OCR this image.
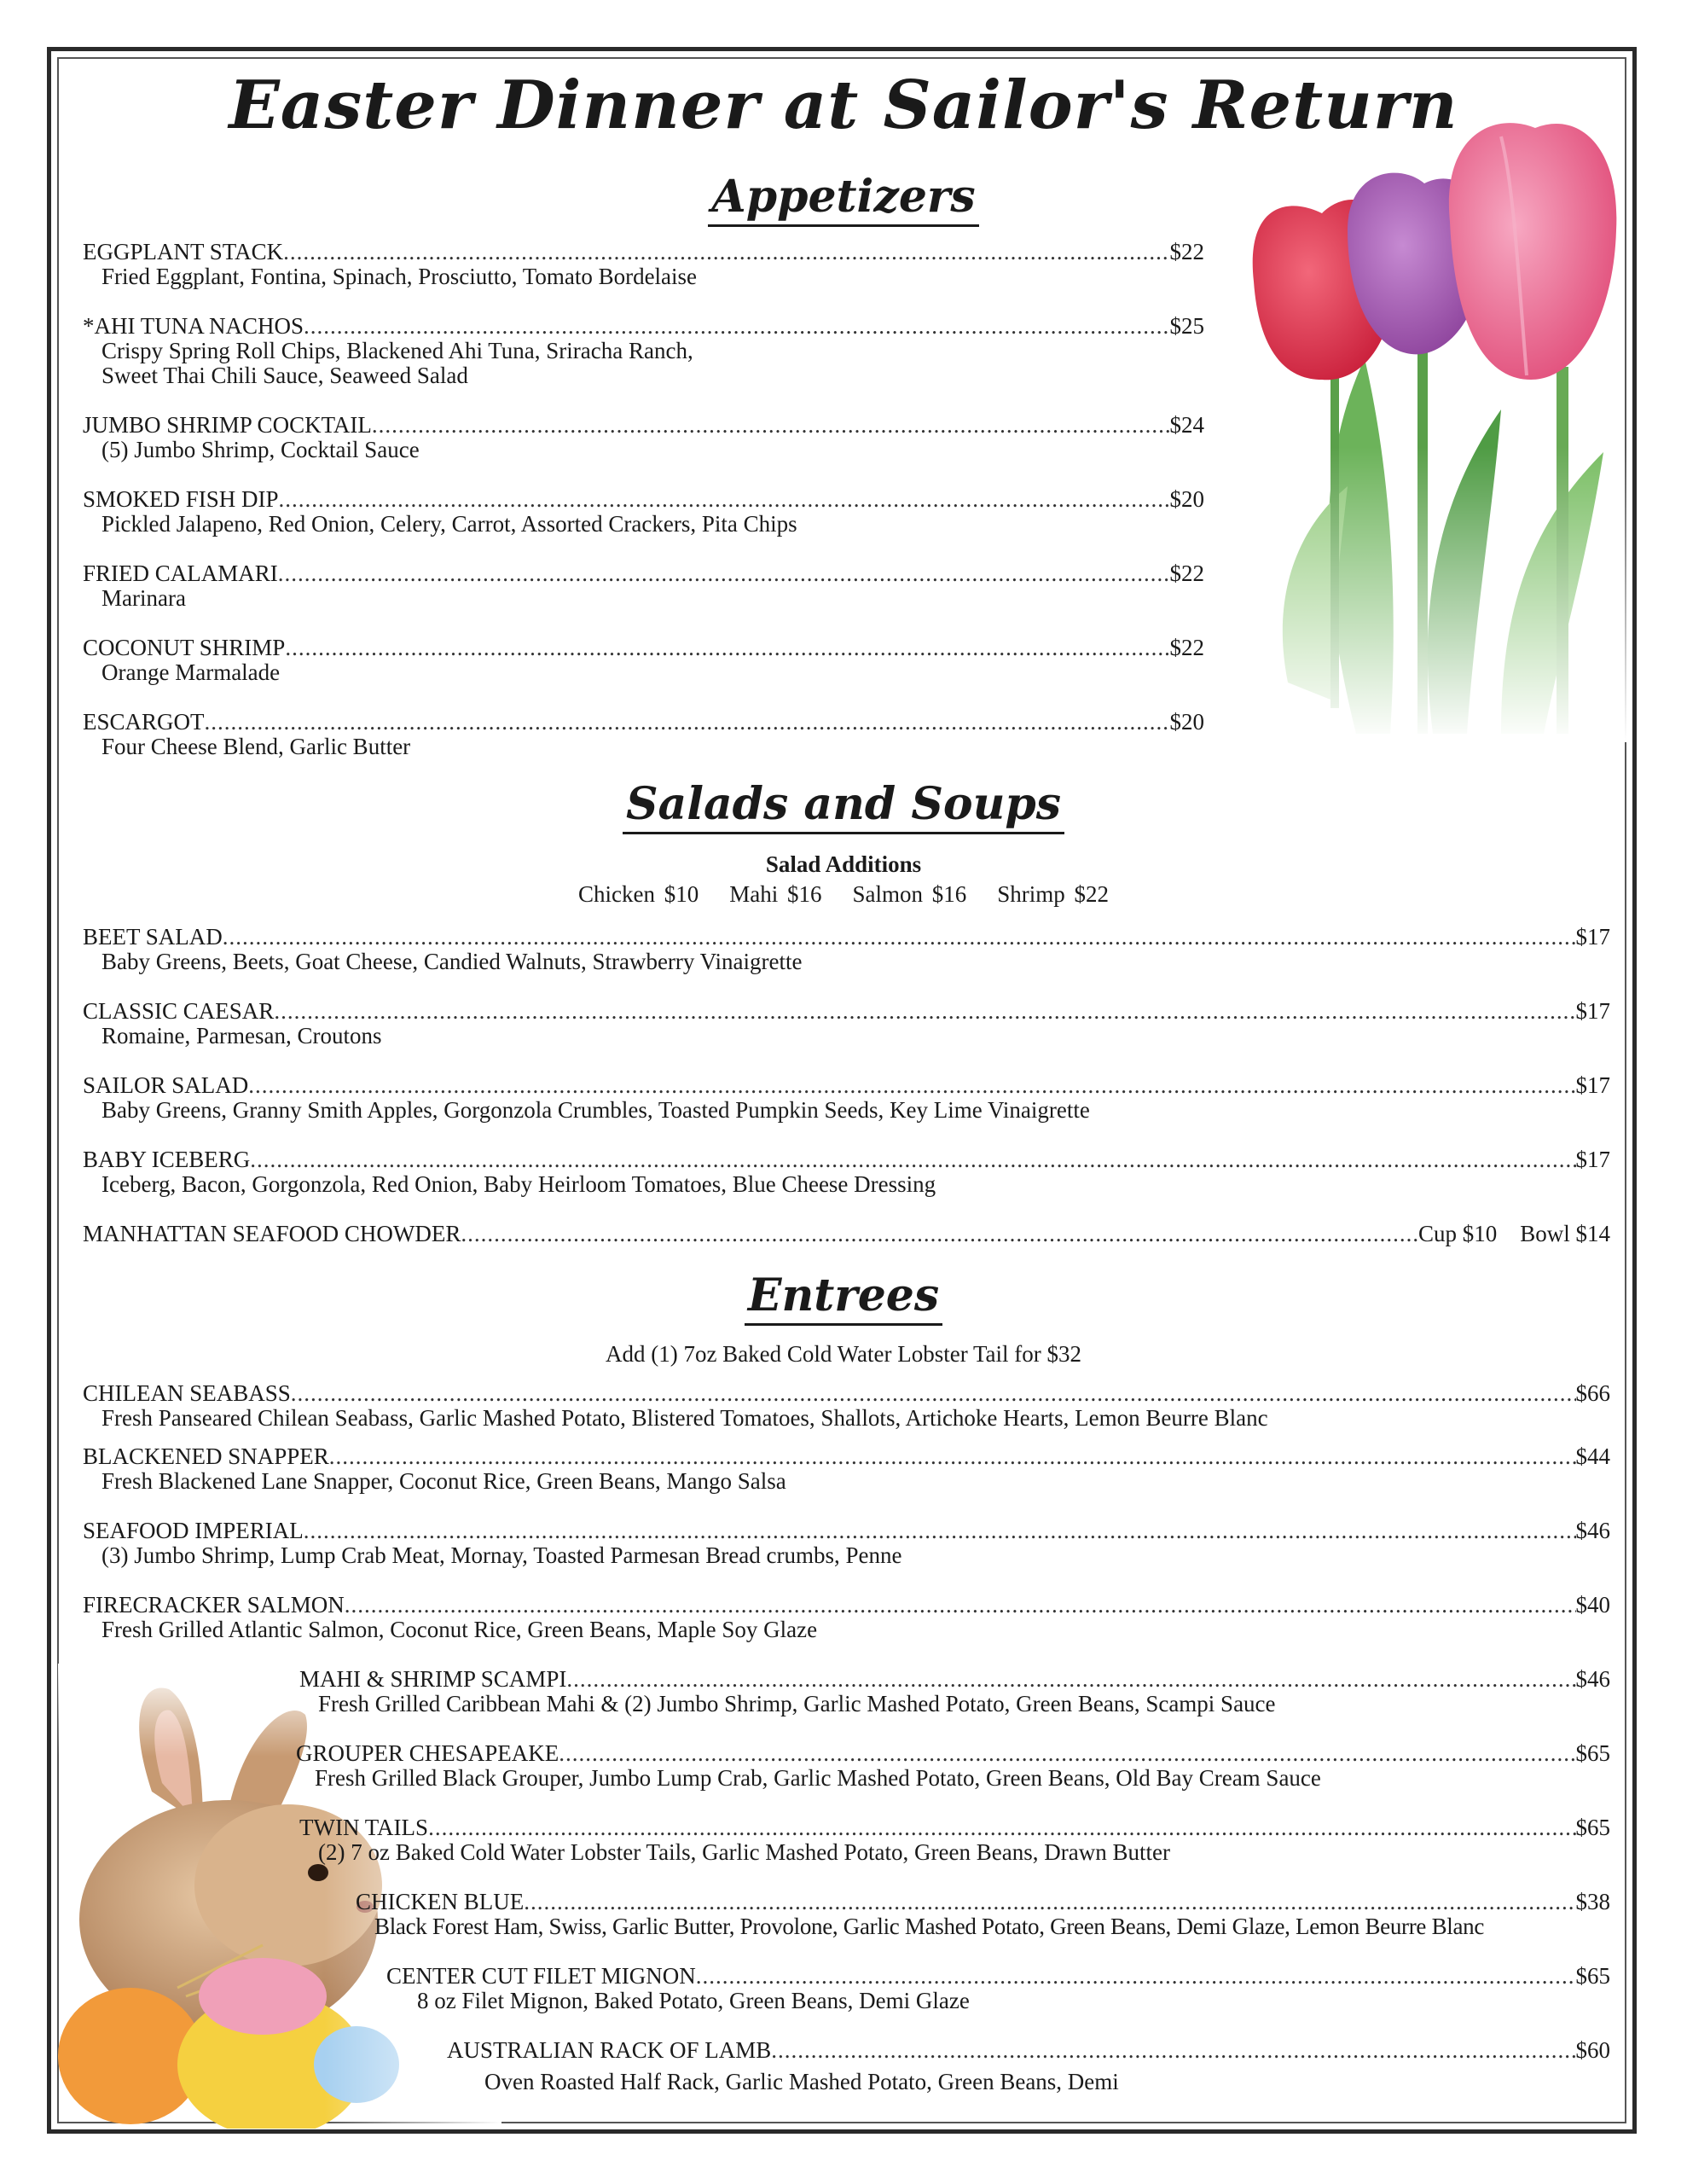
Easter Dinner at Sailor's Return
Appetizers
EGGPLANT STACK .....	$22
Fried Eggplant, Fontina, Spinach, Prosciutto, Tomato Bordelaise
*AHI TUNA NACHOS .....	$25
Crispy Spring Roll Chips, Blackened Ahi Tuna, Sriracha Ranch,
Sweet Thai Chili Sauce, Seaweed Salad
JUMBO SHRIMP COCKTAIL .....	$24
(5) Jumbo Shrimp, Cocktail Sauce
SMOKED FISH DIP .....	$20
Pickled Jalapeno, Red Onion, Celery, Carrot, Assorted Crackers, Pita Chips
FRIED CALAMARI .....	$22
Marinara
COCONUT SHRIMP .....	$22
Orange Marmalade
ESCARGOT .....	$20
Four Cheese Blend, Garlic Butter
Salads and Soups
Salad Additions
Chicken $10 Mahi $16 Salmon $16 Shrimp $22
BEET SALAD .....	$17
Baby Greens, Beets, Goat Cheese, Candied Walnuts, Strawberry Vinaigrette
CLASSIC CAESAR .....	$17
Romaine, Parmesan, Croutons
SAILOR SALAD .....	$17
Baby Greens, Granny Smith Apples, Gorgonzola Crumbles, Toasted Pumpkin Seeds, Key Lime Vinaigrette
BABY ICEBERG .....	$17
Iceberg, Bacon, Gorgonzola, Red Onion, Baby Heirloom Tomatoes, Blue Cheese Dressing
MANHATTAN SEAFOOD CHOWDER .....	Cup $10    Bowl $14
Entrees
Add (1) 7oz Baked Cold Water Lobster Tail for $32
CHILEAN SEABASS .....	$66
Fresh Panseared Chilean Seabass, Garlic Mashed Potato, Blistered Tomatoes, Shallots, Artichoke Hearts, Lemon Beurre Blanc
BLACKENED SNAPPER .....	$44
Fresh Blackened Lane Snapper, Coconut Rice, Green Beans, Mango Salsa
SEAFOOD IMPERIAL .....	$46
(3) Jumbo Shrimp, Lump Crab Meat, Mornay, Toasted Parmesan Bread crumbs, Penne
FIRECRACKER SALMON .....	$40
Fresh Grilled Atlantic Salmon, Coconut Rice, Green Beans, Maple Soy Glaze
MAHI & SHRIMP SCAMPI .....	$46
Fresh Grilled Caribbean Mahi & (2) Jumbo Shrimp, Garlic Mashed Potato, Green Beans, Scampi Sauce
GROUPER CHESAPEAKE .....	$65
Fresh Grilled Black Grouper, Jumbo Lump Crab, Garlic Mashed Potato, Green Beans, Old Bay Cream Sauce
TWIN TAILS .....	$65
(2) 7 oz Baked Cold Water Lobster Tails, Garlic Mashed Potato, Green Beans, Drawn Butter
CHICKEN BLUE .....	$38
Black Forest Ham, Swiss, Garlic Butter, Provolone, Garlic Mashed Potato, Green Beans, Demi Glaze, Lemon Beurre Blanc
CENTER CUT FILET MIGNON .....	$65
8 oz Filet Mignon, Baked Potato, Green Beans, Demi Glaze
AUSTRALIAN RACK OF LAMB .....	$60
Oven Roasted Half Rack, Garlic Mashed Potato, Green Beans, Demi
